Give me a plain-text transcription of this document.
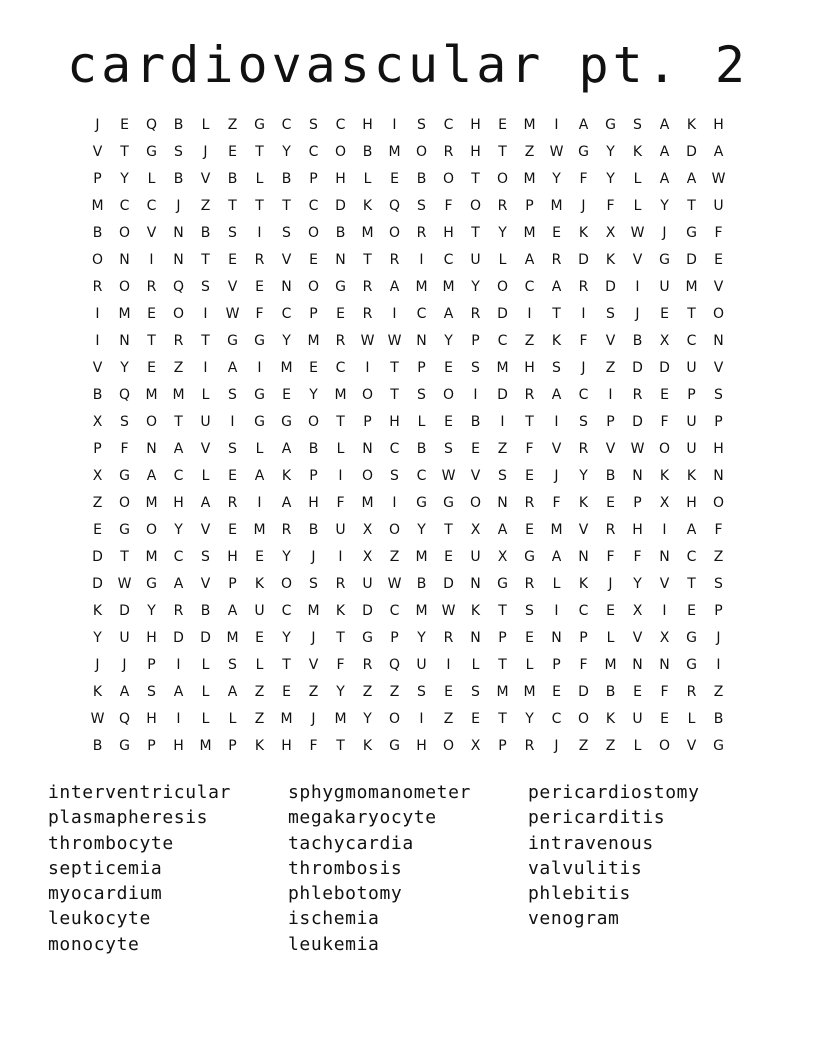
cardiovascular pt. 2
J	E	Q	B	L	Z	G	C	S	C	H	I	S	C	H	E	M	I	A	G	S	A	K	H
V	T	G	S	J	E	T	Y	C	O	B	M	O	R	H	T	Z	W	G	Y	K	A	D	A
P	Y	L	B	V	B	L	B	P	H	L	E	B	O	T	O	M	Y	F	Y	L	A	A	W
M	C	C	J	Z	T	T	T	C	D	K	Q	S	F	O	R	P	M	J	F	L	Y	T	U
B	O	V	N	B	S	I	S	O	B	M	O	R	H	T	Y	M	E	K	X	W	J	G	F
O	N	I	N	T	E	R	V	E	N	T	R	I	C	U	L	A	R	D	K	V	G	D	E
R	O	R	Q	S	V	E	N	O	G	R	A	M	M	Y	O	C	A	R	D	I	U	M	V
I	M	E	O	I	W	F	C	P	E	R	I	C	A	R	D	I	T	I	S	J	E	T	O
I	N	T	R	T	G	G	Y	M	R	W W	N	Y	P	C	Z	K	F	V	B	X	C	N
V	Y	E	Z	I	A	I	M	E	C	I	T	P	E	S	M	H	S	J	Z	D	D	U	V
B	Q	M	M	L	S	G	E	Y	M	O	T	S	O	I	D	R	A	C	I	R	E	P	S
X	S	O	T	U	I	G	G	O	T	P	H	L	E	B	I	T	I	S	P	D	F	U	P
P	F	N	A	V	S	L	A	B	L	N	C	B	S	E	Z	F	V	R	V	W	O	U	H
X	G	A	C	L	E	A	K	P	I	O	S	C	W	V	S	E	J	Y	B	N	K	K	N
Z	O	M	H	A	R	I	A	H	F	M	I	G	G	O	N	R	F	K	E	P	X	H	O
E	G	O	Y	V	E	M	R	B	U	X	O	Y	T	X	A	E	M	V	R	H	I	A	F
D	T	M	C	S	H	E	Y	J	I	X	Z	M	E	U	X	G	A	N	F	F	N	C	Z
D	W	G	A	V	P	K	O	S	R	U	W	B	D	N	G	R	L	K	J	Y	V	T	S
K	D	Y	R	B	A	U	C	M	K	D	C	M	W	K	T	S	I	C	E	X	I	E	P
Y	U	H	D	D	M	E	Y	J	T	G	P	Y	R	N	P	E	N	P	L	V	X	G	J
J	J	P	I	L	S	L	T	V	F	R	Q	U	I	L	T	L	P	F	M	N	N	G	I
K	A	S	A	L	A	Z	E	Z	Y	Z	Z	S	E	S	M	M	E	D	B	E	F	R	Z
W	Q	H	I	L	L	Z	M	J	M	Y	O	I	Z	E	T	Y	C	O	K	U	E	L	B
B	G	P	H	M	P	K	H	F	T	K	G	H	O	X	P	R	J	Z	Z	L	O	V	G
interventricular
plasmapheresis
thrombocyte
septicemia
myocardium
leukocyte
monocyte
sphygmomanometer
megakaryocyte
tachycardia
thrombosis
phlebotomy
ischemia
leukemia
pericardiostomy
pericarditis
intravenous
valvulitis
phlebitis
venogram
